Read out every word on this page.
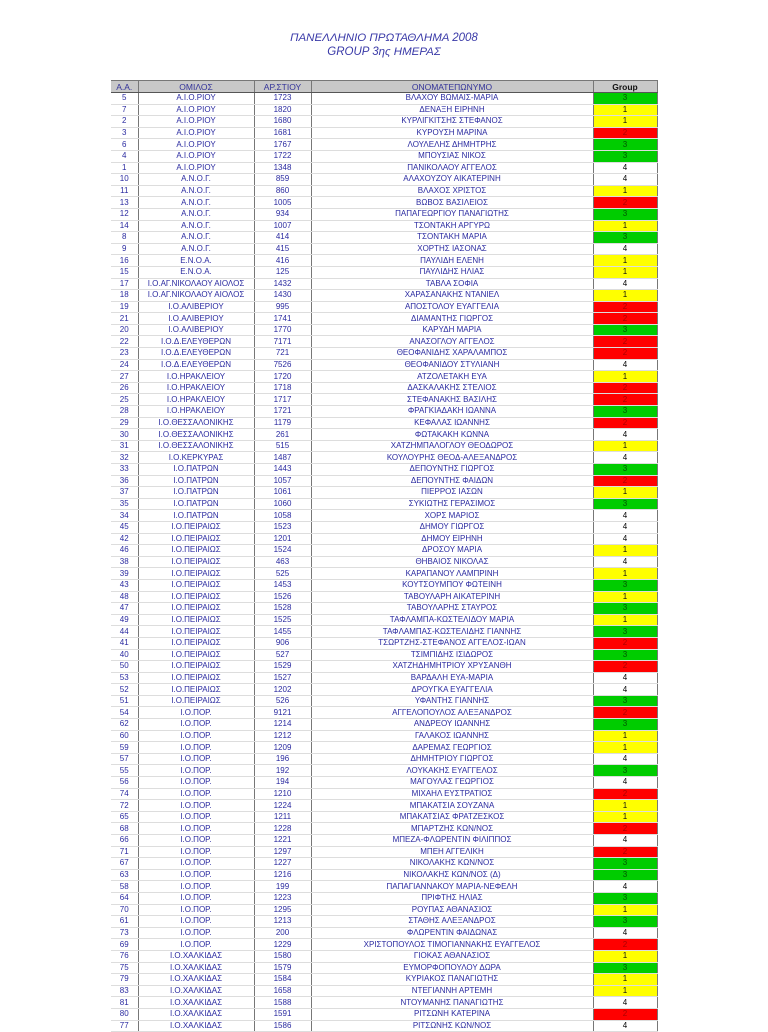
ΠΑΝΕΛΛΗΝΙΟ ΠΡΩΤΑΘΛΗΜΑ 2008
GROUP 3ης ΗΜΕΡΑΣ
Α.Α.	ΟΜΙΛΟΣ	ΑΡ.ΣΤΙΟΥ	ΟΝΟΜΑΤΕΠΩΝΥΜΟ	Group
5	Α.Ι.Ο.ΡΙΟΥ	1723	ΒΛΑΧΟΥ ΒΩΜΑΙΣ-ΜΑΡΙΑ	3
7	Α.Ι.Ο.ΡΙΟΥ	1820	ΔΕΝΑΞΗ ΕΙΡΗΝΗ	1
2	Α.Ι.Ο.ΡΙΟΥ	1680	ΚΥΡΛΙΓΚΙΤΣΗΣ ΣΤΕΦΑΝΟΣ	1
3	Α.Ι.Ο.ΡΙΟΥ	1681	ΚΥΡΟΥΣΗ ΜΑΡΙΝΑ	2
6	Α.Ι.Ο.ΡΙΟΥ	1767	ΛΟΥΛΕΛΗΣ ΔΗΜΗΤΡΗΣ	3
4	Α.Ι.Ο.ΡΙΟΥ	1722	ΜΠΟΥΣΙΑΣ ΝΙΚΟΣ	3
1	Α.Ι.Ο.ΡΙΟΥ	1348	ΠΑΝΙΚΟΛΑΟΥ ΑΓΓΕΛΟΣ	4
10	Α.Ν.Ο.Γ.	859	ΑΛΑΧΟΥΖΟΥ ΑΙΚΑΤΕΡΙΝΗ	4
11	Α.Ν.Ο.Γ.	860	ΒΛΑΧΟΣ ΧΡΙΣΤΟΣ	1
13	Α.Ν.Ο.Γ.	1005	ΒΩΒΟΣ ΒΑΣΙΛΕΙΟΣ	2
12	Α.Ν.Ο.Γ.	934	ΠΑΠΑΓΕΩΡΓΙΟΥ ΠΑΝΑΓΙΩΤΗΣ	3
14	Α.Ν.Ο.Γ.	1007	ΤΣΟΝΤΑΚΗ ΑΡΓΥΡΩ	1
8	Α.Ν.Ο.Γ.	414	ΤΣΟΝΤΑΚΗ ΜΑΡΙΑ	3
9	Α.Ν.Ο.Γ.	415	ΧΟΡΤΗΣ ΙΑΣΟΝΑΣ	4
16	Ε.Ν.Ο.Α.	416	ΠΑΥΛΙΔΗ ΕΛΕΝΗ	1
15	Ε.Ν.Ο.Α.	125	ΠΑΥΛΙΔΗΣ ΗΛΙΑΣ	1
17	Ι.Ο.ΑΓ.ΝΙΚΟΛΑΟΥ ΑΙΟΛΟΣ	1432	ΤΑΒΛΑ ΣΟΦΙΑ	4
18	Ι.Ο.ΑΓ.ΝΙΚΟΛΑΟΥ ΑΙΟΛΟΣ	1430	ΧΑΡΑΣΑΝΑΚΗΣ ΝΤΑΝΙΕΛ	1
19	Ι.Ο.ΑΛΙΒΕΡΙΟΥ	995	ΑΠΟΣΤΟΛΟΥ ΕΥΑΓΓΕΛΙΑ	2
21	Ι.Ο.ΑΛΙΒΕΡΙΟΥ	1741	ΔΙΑΜΑΝΤΗΣ ΓΙΩΡΓΟΣ	2
20	Ι.Ο.ΑΛΙΒΕΡΙΟΥ	1770	ΚΑΡΥΔΗ ΜΑΡΙΑ	3
22	Ι.Ο.Δ.ΕΛΕΥΘΕΡΩΝ	7171	ΑΝΑΣΟΓΛΟΥ ΑΓΓΕΛΟΣ	2
23	Ι.Ο.Δ.ΕΛΕΥΘΕΡΩΝ	721	ΘΕΟΦΑΝΙΔΗΣ ΧΑΡΑΛΑΜΠΟΣ	2
24	Ι.Ο.Δ.ΕΛΕΥΘΕΡΩΝ	7526	ΘΕΟΦΑΝΙΔΟΥ ΣΤΥΛΙΑΝΗ	4
27	Ι.Ο.ΗΡΑΚΛΕΙΟΥ	1720	ΑΤΖΟΛΕΤΑΚΗ ΕΥΑ	1
26	Ι.Ο.ΗΡΑΚΛΕΙΟΥ	1718	ΔΑΣΚΑΛΑΚΗΣ ΣΤΕΛΙΟΣ	2
25	Ι.Ο.ΗΡΑΚΛΕΙΟΥ	1717	ΣΤΕΦΑΝΑΚΗΣ ΒΑΣΙΛΗΣ	2
28	Ι.Ο.ΗΡΑΚΛΕΙΟΥ	1721	ΦΡΑΓΚΙΑΔΑΚΗ ΙΩΑΝΝΑ	3
29	Ι.Ο.ΘΕΣΣΑΛΟΝΙΚΗΣ	1179	ΚΕΦΑΛΑΣ ΙΩΑΝΝΗΣ	2
30	Ι.Ο.ΘΕΣΣΑΛΟΝΙΚΗΣ	261	ΦΩΤΑΚΑΚΗ ΚΩΝΝΑ	4
31	Ι.Ο.ΘΕΣΣΑΛΟΝΙΚΗΣ	515	ΧΑΤΖΗΜΠΑΛΟΓΛΟΥ ΘΕΟΔΩΡΟΣ	1
32	Ι.Ο.ΚΕΡΚΥΡΑΣ	1487	ΚΟΥΛΟΥΡΗΣ ΘΕΟΔ-ΑΛΕΞΑΝΔΡΟΣ	4
33	Ι.Ο.ΠΑΤΡΩΝ	1443	ΔΕΠΟΥΝΤΗΣ ΓΙΩΡΓΟΣ	3
36	Ι.Ο.ΠΑΤΡΩΝ	1057	ΔΕΠΟΥΝΤΗΣ ΦΑΙΔΩΝ	2
37	Ι.Ο.ΠΑΤΡΩΝ	1061	ΠΙΕΡΡΟΣ ΙΑΣΩΝ	1
35	Ι.Ο.ΠΑΤΡΩΝ	1060	ΣΥΚΙΩΤΗΣ ΓΕΡΑΣΙΜΟΣ	3
34	Ι.Ο.ΠΑΤΡΩΝ	1058	ΧΟΡΣ ΜΑΡΙΟΣ	4
45	Ι.Ο.ΠΕΙΡΑΙΩΣ	1523	ΔΗΜΟΥ ΓΙΩΡΓΟΣ	4
42	Ι.Ο.ΠΕΙΡΑΙΩΣ	1201	ΔΗΜΟΥ ΕΙΡΗΝΗ	4
46	Ι.Ο.ΠΕΙΡΑΙΩΣ	1524	ΔΡΟΣΟΥ ΜΑΡΙΑ	1
38	Ι.Ο.ΠΕΙΡΑΙΩΣ	463	ΘΗΒΑΙΟΣ ΝΙΚΟΛΑΣ	4
39	Ι.Ο.ΠΕΙΡΑΙΩΣ	525	ΚΑΡΑΠΑΝΟΥ ΛΑΜΠΡΙΝΗ	1
43	Ι.Ο.ΠΕΙΡΑΙΩΣ	1453	ΚΟΥΤΣΟΥΜΠΟΥ ΦΩΤΕΙΝΗ	3
48	Ι.Ο.ΠΕΙΡΑΙΩΣ	1526	ΤΑΒΟΥΛΑΡΗ ΑΙΚΑΤΕΡΙΝΗ	1
47	Ι.Ο.ΠΕΙΡΑΙΩΣ	1528	ΤΑΒΟΥΛΑΡΗΣ ΣΤΑΥΡΟΣ	3
49	Ι.Ο.ΠΕΙΡΑΙΩΣ	1525	ΤΑΦΛΑΜΠΑ-ΚΩΣΤΕΛΙΔΟΥ ΜΑΡΙΑ	1
44	Ι.Ο.ΠΕΙΡΑΙΩΣ	1455	ΤΑΦΛΑΜΠΑΣ-ΚΩΣΤΕΛΙΔΗΣ ΓΙΑΝΝΗΣ	3
41	Ι.Ο.ΠΕΙΡΑΙΩΣ	906	ΤΣΩΡΤΖΗΣ-ΣΤΕΦΑΝΟΣ ΑΓΓΕΛΟΣ-ΙΩΑΝ	2
40	Ι.Ο.ΠΕΙΡΑΙΩΣ	527	ΤΣΙΜΠΙΔΗΣ ΙΣΙΔΩΡΟΣ	3
50	Ι.Ο.ΠΕΙΡΑΙΩΣ	1529	ΧΑΤΖΗΔΗΜΗΤΡΙΟΥ ΧΡΥΣΑΝΘΗ	2
53	Ι.Ο.ΠΕΙΡΑΙΩΣ	1527	ΒΑΡΔΑΛΗ ΕΥΑ-ΜΑΡΙΑ	4
52	Ι.Ο.ΠΕΙΡΑΙΩΣ	1202	ΔΡΟΥΓΚΑ ΕΥΑΓΓΕΛΙΑ	4
51	Ι.Ο.ΠΕΙΡΑΙΩΣ	526	ΥΦΑΝΤΗΣ ΓΙΑΝΝΗΣ	3
54	Ι.Ο.ΠΟΡ.	9121	ΑΓΓΕΛΟΠΟΥΛΟΣ ΑΛΕΞΑΝΔΡΟΣ	2
62	Ι.Ο.ΠΟΡ.	1214	ΑΝΔΡΕΟΥ ΙΩΑΝΝΗΣ	3
60	Ι.Ο.ΠΟΡ.	1212	ΓΑΛΑΚΟΣ ΙΩΑΝΝΗΣ	1
59	Ι.Ο.ΠΟΡ.	1209	ΔΑΡΕΜΑΣ ΓΕΩΡΓΙΟΣ	1
57	Ι.Ο.ΠΟΡ.	196	ΔΗΜΗΤΡΙΟΥ ΓΙΩΡΓΟΣ	4
55	Ι.Ο.ΠΟΡ.	192	ΛΟΥΚΑΚΗΣ ΕΥΑΓΓΕΛΟΣ	3
56	Ι.Ο.ΠΟΡ.	194	ΜΑΓΟΥΛΑΣ ΓΕΩΡΓΙΟΣ	4
74	Ι.Ο.ΠΟΡ.	1210	ΜΙΧΑΗΛ ΕΥΣΤΡΑΤΙΟΣ	2
72	Ι.Ο.ΠΟΡ.	1224	ΜΠΑΚΑΤΣΙΑ ΣΟΥΖΑΝΑ	1
65	Ι.Ο.ΠΟΡ.	1211	ΜΠΑΚΑΤΣΙΑΣ ΦΡΑΤΖΕΣΚΟΣ	1
68	Ι.Ο.ΠΟΡ.	1228	ΜΠΑΡΤΖΗΣ ΚΩΝ/ΝΟΣ	2
66	Ι.Ο.ΠΟΡ.	1221	ΜΠΕΖΑ-ΦΛΩΡΕΝΤΙΝ ΦΙΛΙΠΠΟΣ	4
71	Ι.Ο.ΠΟΡ.	1297	ΜΠΕΗ ΑΓΓΕΛΙΚΗ	2
67	Ι.Ο.ΠΟΡ.	1227	ΝΙΚΟΛΑΚΗΣ ΚΩΝ/ΝΟΣ	3
63	Ι.Ο.ΠΟΡ.	1216	ΝΙΚΟΛΑΚΗΣ ΚΩΝ/ΝΟΣ (Δ)	3
58	Ι.Ο.ΠΟΡ.	199	ΠΑΠΑΓΙΑΝΝΑΚΟΥ ΜΑΡΙΑ-ΝΕΦΕΛΗ	4
64	Ι.Ο.ΠΟΡ.	1223	ΠΡΙΦΤΗΣ ΗΛΙΑΣ	3
70	Ι.Ο.ΠΟΡ.	1295	ΡΟΥΠΑΣ ΑΘΑΝΑΣΙΟΣ	1
61	Ι.Ο.ΠΟΡ.	1213	ΣΤΑΘΗΣ ΑΛΕΞΑΝΔΡΟΣ	3
73	Ι.Ο.ΠΟΡ.	200	ΦΛΩΡΕΝΤΙΝ ΦΑΙΔΩΝΑΣ	4
69	Ι.Ο.ΠΟΡ.	1229	ΧΡΙΣΤΟΠΟΥΛΟΣ ΤΙΜΟΓΙΑΝΝΑΚΗΣ ΕΥΑΓΓΕΛΟΣ	2
76	Ι.Ο.ΧΑΛΚΙΔΑΣ	1580	ΓΙΟΚΑΣ ΑΘΑΝΑΣΙΟΣ	1
75	Ι.Ο.ΧΑΛΚΙΔΑΣ	1579	ΕΥΜΟΡΦΟΠΟΥΛΟΥ ΔΩΡΑ	3
79	Ι.Ο.ΧΑΛΚΙΔΑΣ	1584	ΚΥΡΙΑΚΟΣ ΠΑΝΑΓΙΩΤΗΣ	1
83	Ι.Ο.ΧΑΛΚΙΔΑΣ	1658	ΝΤΕΓΙΑΝΝΗ ΑΡΤΕΜΗ	1
81	Ι.Ο.ΧΑΛΚΙΔΑΣ	1588	ΝΤΟΥΜΑΝΗΣ ΠΑΝΑΓΙΩΤΗΣ	4
80	Ι.Ο.ΧΑΛΚΙΔΑΣ	1591	ΡΙΤΣΩΝΗ ΚΑΤΕΡΙΝΑ	2
77	Ι.Ο.ΧΑΛΚΙΔΑΣ	1586	ΡΙΤΣΩΝΗΣ ΚΩΝ/ΝΟΣ	4
